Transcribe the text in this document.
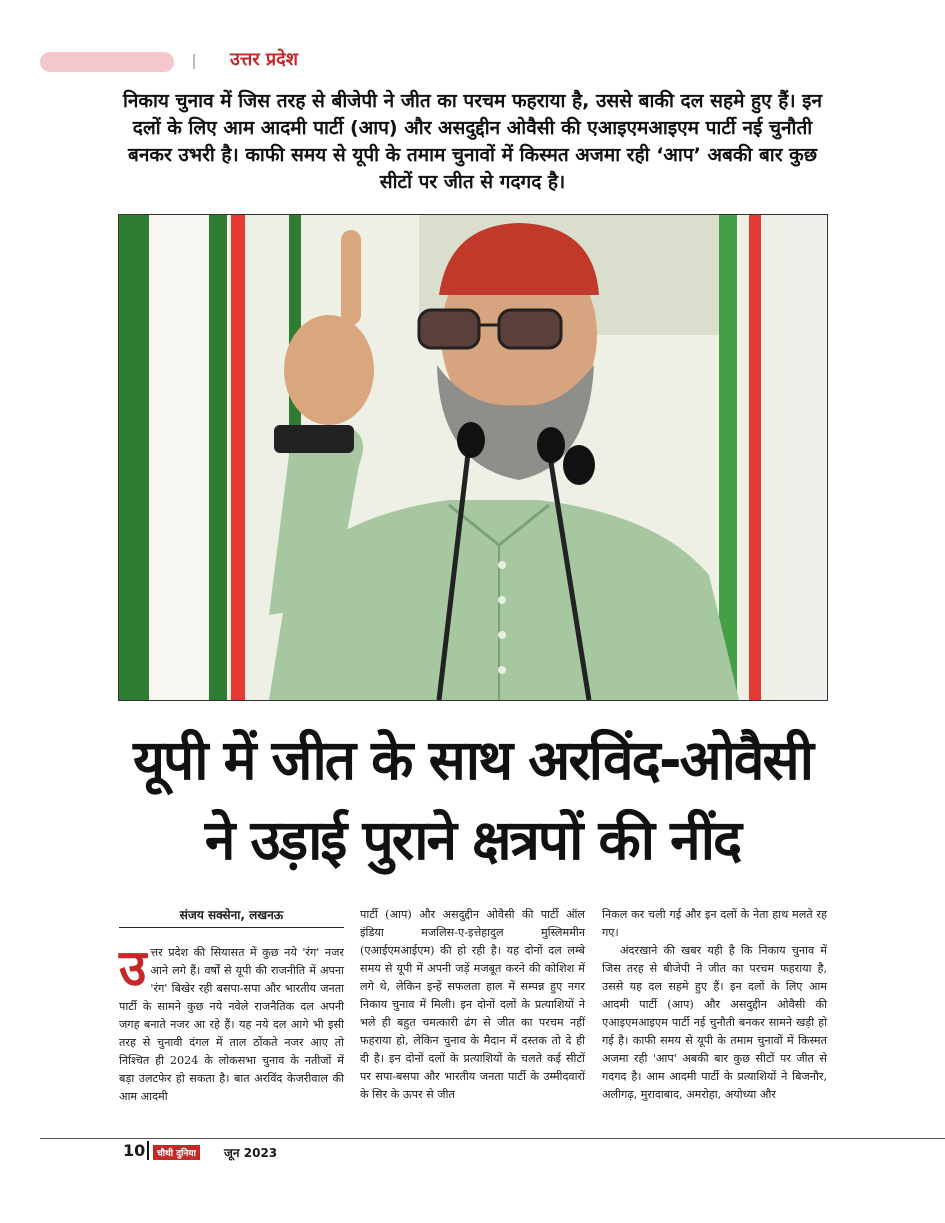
उत्तर प्रदेश
निकाय चुनाव में जिस तरह से बीजेपी ने जीत का परचम फहराया है, उससे बाकी दल सहमे हुए हैं। इन दलों के लिए आम आदमी पार्टी (आप) और असदुद्दीन ओवैसी की एआइएमआइएम पार्टी नई चुनौती बनकर उभरी है। काफी समय से यूपी के तमाम चुनावों में किस्मत अजमा रही ‘आप’ अबकी बार कुछ सीटों पर जीत से गदगद है।
यूपी में जीत के साथ अरविंद-ओवैसी
ने उड़ाई पुराने क्षत्रपों की नींद
संजय सक्सेना, लखनऊ

उत्तर प्रदेश की सियासत में कुछ नये 'रंग' नजर आने लगे हैं। वर्षों से यूपी की राजनीति में अपना 'रंग' बिखेर रही बसपा-सपा और भारतीय जनता पार्टी के सामने कुछ नये नवेले राजनैतिक दल अपनी जगह बनाते नजर आ रहे हैं। यह नये दल आगे भी इसी तरह से चुनावी दंगल में ताल ठोंकते नजर आए तो निश्चित ही 2024 के लोकसभा चुनाव के नतीजों में बड़ा उलटफेर हो सकता है। बात अरविंद केजरीवाल की आम आदमी

पार्टी (आप) और असदुद्दीन ओवैसी की पार्टी ऑल इंडिया मजलिस-ए-इत्तेहादुल मुस्लिममीन (एआईएमआईएम) की हो रही है। यह दोनों दल लम्बे समय से यूपी में अपनी जड़ें मजबूत करने की कोशिश में लगे थे, लेकिन इन्हें सफलता हाल में सम्पन्न हुए नगर निकाय चुनाव में मिली। इन दोनों दलों के प्रत्याशियों ने भले ही बहुत चमत्कारी ढंग से जीत का परचम नहीं फहराया हो, लेकिन चुनाव के मैदान में दस्तक तो दे ही दी है। इन दोनों दलों के प्रत्याशियों के चलते कई सीटों पर सपा-बसपा और भारतीय जनता पार्टी के उम्मीदवारों के सिर के ऊपर से जीत

निकल कर चली गई और इन दलों के नेता हाथ मलते रह गए।

अंदरखाने की खबर यही है कि निकाय चुनाव में जिस तरह से बीजेपी ने जीत का परचम फहराया है, उससे यह दल सहमे हुए हैं। इन दलों के लिए आम आदमी पार्टी (आप) और असदुद्दीन ओवैसी की एआइएमआइएम पार्टी नई चुनौती बनकर सामने खड़ी हो गई है। काफी समय से यूपी के तमाम चुनावों में किस्मत अजमा रही 'आप' अबकी बार कुछ सीटों पर जीत से गदगद है। आम आदमी पार्टी के प्रत्याशियों ने बिजनौर, अलीगढ़, मुरादाबाद, अमरोहा, अयोध्या और

10	चौथी दुनिया	जून 2023
